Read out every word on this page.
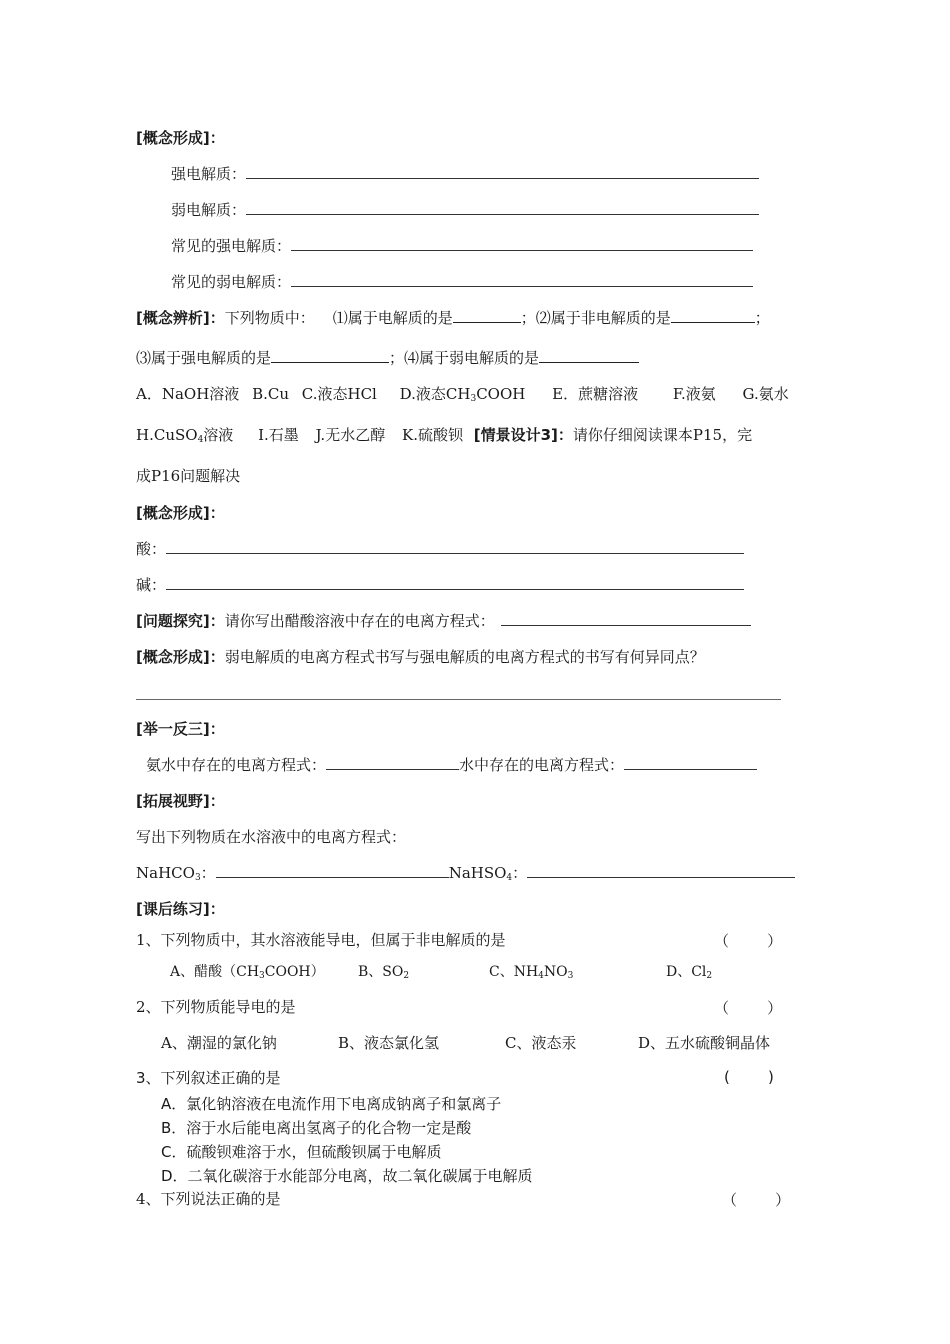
[概念形成]：
强电解质：
弱电解质：
常见的强电解质：
常见的弱电解质：
[概念辨析]：下列物质中： ⑴属于电解质的是	；⑵属于非电解质的是	；
⑶属于强电解质的是	；⑷属于弱电解质的是
A．NaOH溶液 B.Cu C.液态HCl D.液态$CH_3COOH$ E．蔗糖溶液 F.液氨 G.氨水
H.CuSO$_4$溶液 I.石墨 J.无水乙醇 K.硫酸钡 [情景设计3]：请你仔细阅读课本P15，完
成P16问题解决
[概念形成]：
酸：
碱：
[问题探究]：请你写出醋酸溶液中存在的电离方程式：
[概念形成]：弱电解质的电离方程式书写与强电解质的电离方程式的书写有何异同点？
[举一反三]：
氨水中存在的电离方程式：	水中存在的电离方程式：
[拓展视野]：
写出下列物质在水溶液中的电离方程式：
NaHCO$_3$：	NaHSO$_4$：
[课后练习]：
1、下列物质中，其水溶液能导电，但属于非电解质的是	（        ）
A、醋酸$(CH_3COOH)$ B、$SO_2$	C、$NH_4NO_3$	D、$Cl_2$
2、下列物质能导电的是	（        ）
A、潮湿的氯化钠	B、液态氯化氢	C、液态汞	D、五水硫酸铜晶体
3、下列叙述正确的是	(        )
A．氯化钠溶液在电流作用下电离成钠离子和氯离子
B．溶于水后能电离出氢离子的化合物一定是酸
C．硫酸钡难溶于水，但硫酸钡属于电解质
D．二氧化碳溶于水能部分电离，故二氧化碳属于电解质
4、下列说法正确的是	（        ）
